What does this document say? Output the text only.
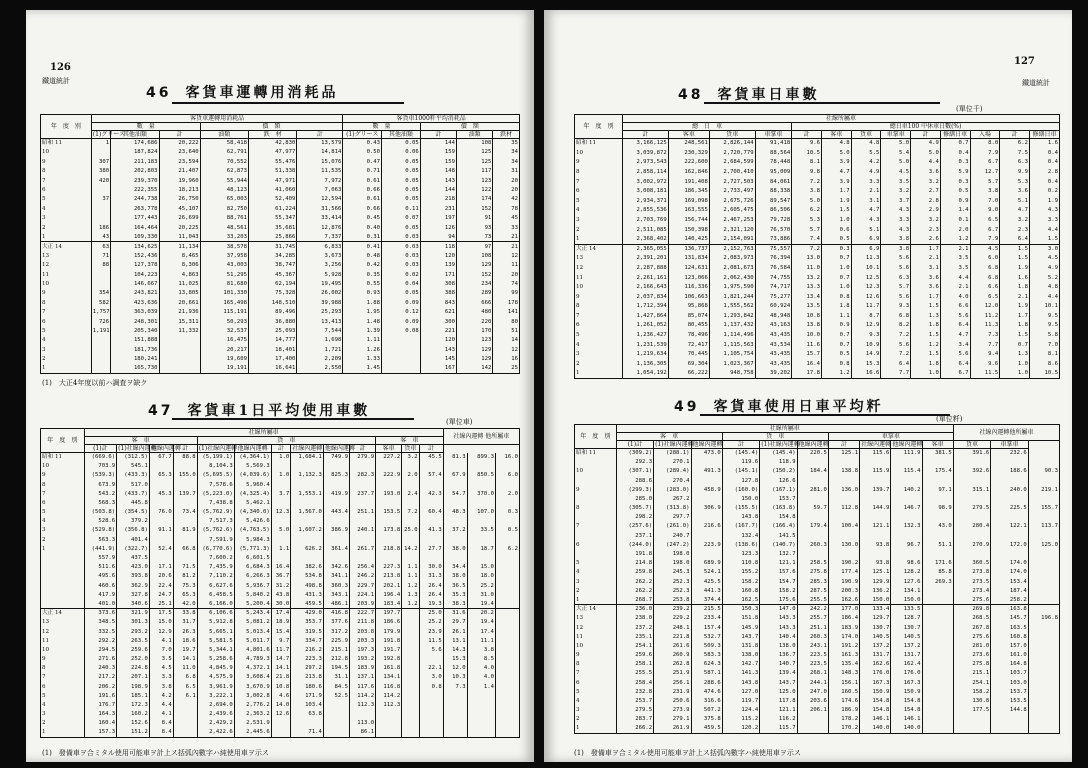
126
鐵道統計
46 客貨車運轉用消耗品
年　度　別	客貨車運轉用消耗品						客貨車1000粁平均消耗品				
	數　量			價　額			數　量		價　額		
	(1)グリース	其他油類	計	油類	鉄　材	計	(1)グリース	其他油類	計	油類	鉄材
昭和 11	1	174,686	20,222	58,418	42,830	13,579	0.43	0.05	144	108	35
10		187,824	23,640	62,791	47,977	14,814	0.50	0.06	159	125	34
9	307	211,183	23,594	70,552	55,476	15,076	0.47	0.05	159	125	34
8	380	202,803	21,407	62,873	51,338	11,535	0.71	0.05	148	117	31
7	420	239,370	19,960	55,944	47,971	7,972	0.61	0.05	143	123	20
6		222,355	18,213	48,123	41,060	7,063	0.66	0.05	144	122	20
5	37	244,738	26,750	65,003	52,409	12,594	0.61	0.05	218	174	42
4		263,778	45,107	82,750	61,224	31,566	0.66	0.11	231	152	78
3		177,443	26,699	88,761	55,347	33,414	0.45	0.07	197	91	45
2	186	164,464	20,225	48,561	35,681	12,876	0.40	0.05	126	93	33
1	43	109,330	11,043	33,203	25,866	7,337	0.31	0.03	94	73	21
大正 14	63	134,625	11,134	38,578	31,745	6,833	0.41	0.03	118	97	21
13	71	152,436	8,465	37,958	34,285	3,673	0.48	0.03	120	108	12
12	88	127,378	8,306	43,003	38,747	3,256	0.42	0.03	139	129	11
11		104,223	4,863	51,295	45,367	5,928	0.35	0.02	171	152	20
10		146,667	11,025	81,680	62,194	19,495	0.55	0.04	308	234	74
9	354	243,821	13,805	101,330	75,328	26,002	0.93	0.05	388	289	99
8	582	423,636	20,661	165,498	148,510	39,988	1.88	0.09	843	666	178
7	1,757	363,039	21,936	115,191	89,496	25,293	1.95	0.12	621	480	141
6	726	248,301	15,311	50,293	36,880	13,413	1.48	0.09	300	220	80
5	1,191	205,340	11,332	32,537	25,093	7,544	1.39	0.08	221	170	51
4		151,888		16,475	14,777	1,698	1.11		120	123	14
3		181,736		20,217	18,401	1,721	1.26		143	129	12
2		180,241		19,609	17,400	2,209	1.33		145	129	16
1		165,730		19,191	16,641	2,550	1.45		167	142	25
(1)　大正4年度以前ハ調査ヲ缺ク
47 客貨車1日平均使用車數
(單位車)
年　度　別	社線所屬車													社線內運轉 他所屬車		
	客　車				貨　車						客　車					
	(1)計	(1)社線內運轉	他線內運轉	計	(1)社線內運轉	他線內運轉	計	社線內運轉	他線內運轉	計	客車	貨車	計			
昭和 11	(669.6)	(312.5)	67.7	88.8	(5,199.1)	(4,364.1)	1.0	1,684.1	749.9	279.9	227.2	3.2	45.5	81.3	899.3	16.0
10	703.9	545.1			8,104.3	5,569.3										
9	(539.3)	(433.3)	65.3	155.0	(5,695.5)	(4,039.6)	1.0	1,132.3	825.3	282.3	222.9	2.0	57.4	67.9	850.5	6.0
8	673.9	517.0			7,578.6	5,960.4										
7	543.2	(433.7)	45.3	139.7	(5,223.0)	(4,325.4)	3.7	1,553.1	419.9	237.7	193.0	2.4	42.3	54.7	370.0	2.0
6	568.3	445.8			7,438.8	5,462.1										
5	(503.8)	(354.5)	76.0	73.4	(5,762.9)	(4,340.0)	12.3	1,567.0	443.4	251.1	153.5	7.2	60.4	48.3	107.0	0.3
4	528.6	379.2			7,517.3	5,426.6										
3	(529.8)	(356.8)	91.1	81.9	(5,762.6)	(4,763.5)	5.0	1,607.2	386.9	240.1	173.8	25.0	41.3	37.2	33.5	0.5
2	563.3	401.4			7,591.9	5,984.3										
1	(441.9)	(322.7)	52.4	66.8	(6,770.6)	(5,771.3)	1.1	626.2	361.4	261.7	218.8	14.2	27.7	38.0	18.7	6.2
	557.9	437.5			7,600.2	6,601.5										
	511.6	423.0	17.1	71.5	7,435.9	6,684.3	16.4	382.6	342.6	256.4	227.3	1.1	30.0	34.4	15.0	
	495.6	393.8	20.6	81.2	7,110.2	6,266.3	36.7	534.8	341.1	246.2	213.8	1.1	31.3	38.0	18.0	
	460.6	362.9	22.4	75.3	6,627.6	5,936.7	31.2	498.8	360.3	229.7	202.1	1.2	26.4	36.5	25.2	
	417.9	327.8	24.7	65.3	6,458.5	5,840.2	43.8	431.3	343.1	224.1	196.4	1.3	26.4	35.3	31.0	
	401.0	340.6	25.1	42.0	6,166.0	5,200.4	30.0	459.5	486.1	203.9	183.4	1.2	19.3	38.3	19.4	
大正 14	373.6	321.9	17.5	33.8	6,106.6	5,243.4	17.4	429.0	416.8	222.7	197.7		25.0	31.6	20.2	
13	348.5	301.3	15.0	31.7	5,912.8	5,081.2	18.9	353.7	377.6	211.8	186.6		25.2	29.7	19.4	
12	332.5	293.2	12.9	26.3	5,665.1	5,013.4	15.4	319.5	317.2	203.8	179.9		23.9	26.1	17.4	
11	292.2	263.5	4.1	18.6	5,581.5	5,011.7	9.7	334.7	225.9	203.3	191.8		11.5	13.1	11.1	
10	294.5	259.6	7.0	19.7	5,344.1	4,801.6	11.7	216.2	215.1	197.3	191.7		5.6	14.3	3.8	
9	271.6	252.0	3.5	14.1	5,258.6	4,789.3	14.7	223.3	212.8	193.2	192.8			15.3	8.5	
8	240.3	224.8	4.5	11.0	4,845.9	4,372.1	14.1	297.2	194.5	183.9	161.8		22.1	12.0	4.0	
7	217.2	207.1	3.3	6.8	4,575.9	3,608.4	21.8	213.8	31.1	137.1	134.1		3.0	10.3	4.0	
6	206.2	198.9	3.8	6.5	3,961.9	3,670.9	10.8	180.6	84.5	117.6	116.8		0.8	7.3	1.4	
5	191.6	185.1	4.2	6.1	3,222.1	3,002.8	4.6	171.9	52.5	114.2	114.2					
4	176.7	172.3	4.4		2,694.0	2,776.2	14.0	103.4		112.3	112.3					
3	164.3	160.2	4.1		2,439.6	2,363.2	12.6	63.8								
2	160.4	152.6	8.4		2,429.2	2,531.9				113.0						
1	157.3	151.2	8.4		2,422.6	2,445.6		71.4		86.1						
(1)　發備車ヲ合ミタル使用可能車ヲ計上ス括弧內數字ハ純使用車ヲ示ス
127
鐵道統計
48 客貨車日車數
(單位千)
年　度　別	社線所屬車												
	總　日　車				總日車100 中休車日數(%)								
	計	客車	貨車	車掌車	計	客車	貨車	車掌車	計	修繕日車	入場	計	修繕日車
昭和 11	3,166,125	248,561	2,826,144	91,418	9.6	4.8	4.8	5.0	4.9	0.7	8.0	6.2	1.6
10	3,039,872	230,329	2,720,779	88,564	10.5	5.0	5.5	5.4	5.0	0.4	7.9	7.5	0.4
9	2,973,543	222,600	2,684,599	78,448	8.1	3.9	4.2	5.0	4.4	0.3	6.7	6.3	0.4
8	2,858,114	162,846	2,700,410	95,009	9.8	4.7	4.9	4.5	3.6	5.9	12.7	9.9	2.8
7	3,002,972	191,408	2,727,503	84,061	7.2	3.9	3.3	3.5	3.2	0.3	5.7	5.3	0.4
6	3,008,181	186,345	2,733,497	88,338	3.8	1.7	2.1	3.2	2.7	0.5	3.8	3.6	0.2
5	2,934,371	169,098	2,675,726	89,547	5.0	1.9	3.1	3.7	2.8	0.9	7.0	5.1	1.9
4	2,855,536	163,555	2,605,475	86,506	6.2	1.5	4.7	4.3	2.9	1.4	9.0	4.7	4.3
3	2,703,769	156,744	2,467,253	79,728	5.3	1.0	4.3	3.3	3.2	0.1	6.5	3.2	3.3
2	2,511,085	150,398	2,321,120	76,570	5.7	0.6	5.1	4.3	2.3	2.0	6.7	2.3	4.4
1	2,368,402	140,425	2,154,091	73,886	7.4	0.5	6.9	3.8	2.6	1.2	7.9	6.4	1.5
大正 14	2,365,055	136,737	2,152,763	75,557	7.2	0.3	6.9	3.8	1.7	2.1	4.5	1.5	3.0
13	2,391,201	131,834	2,083,973	76,394	13.0	0.7	11.3	5.6	2.1	3.5	6.0	1.5	4.5
12	2,287,888	124,631	2,081,673	76,584	11.0	1.0	10.1	5.6	3.1	3.5	6.8	1.9	4.9
11	2,261,161	123,066	2,062,430	74,755	13.2	0.7	12.5	6.3	3.6	4.4	6.8	1.6	5.2
10	2,166,643	116,336	1,975,590	74,717	13.3	1.0	12.3	5.7	3.6	2.1	6.6	1.8	4.8
9	2,037,834	106,663	1,821,244	75,277	13.4	0.8	12.6	5.6	1.7	4.0	6.5	2.1	4.4
8	1,712,394	95,868	1,555,562	60,924	13.5	1.8	11.7	9.3	1.5	6.6	12.0	1.9	10.1
7	1,427,864	85,074	1,293,842	48,948	10.8	1.1	8.7	6.8	1.3	5.6	11.2	1.7	9.5
6	1,261,052	80,455	1,137,432	43,163	13.8	0.9	12.9	8.2	1.8	6.4	11.3	1.8	9.5
5	1,236,427	78,496	1,114,496	43,435	10.0	0.7	9.3	7.2	1.5	4.7	7.3	1.5	5.8
4	1,231,539	72,417	1,115,563	43,534	11.6	0.7	10.9	5.6	1.2	3.4	7.7	0.7	7.0
3	1,219,634	70,445	1,105,754	43,435	15.7	0.5	14.9	7.2	1.5	5.6	9.4	1.3	8.1
2	1,136,305	69,304	1,023,367	43,435	16.4	0.8	15.3	6.4	1.8	6.4	9.6	1.0	8.6
1	1,054,192	66,222	948,758	39,202	17.8	1.2	16.6	7.7	1.0	6.7	11.5	1.0	10.5
49 客貨車使用日車平均粁
(單位粁)
年　度　別	社線所屬車										社線內運轉他所屬車		
	客　車			貨　車			車掌車						
	(1)計	(1)社線內運轉	他線內運轉	計	(1)社線內運轉	他線內運轉	計	社線內運轉	他線內運轉	客車	貨車	車掌車	
昭和 11	(309.2)	(288.1)	473.0	(145.4)	(145.4)	220.5	125.1	115.6	111.9	381.5	391.6	232.6	
	292.3	270.1		119.6	118.9								
10	(307.1)	(289.4)	491.3	(145.1)	(150.2)	184.4	138.8	115.9	115.4	175.4	392.6	188.6	90.3
	288.6	270.4		127.8	126.6								
9	(299.3)	(283.0)	458.9	(160.0)	(167.1)	281.0	136.0	139.7	140.2	97.1	315.1	240.0	219.1
	285.0	267.2		150.0	153.7								
8	(305.7)	(313.8)	306.9	(155.5)	(163.8)	59.7	112.8	144.9	146.7	98.9	279.5	225.5	155.7
	298.2	297.7		143.8	154.8								
7	(257.6)	(261.0)	216.6	(167.7)	(166.4)	179.4	100.4	121.1	132.3	43.0	280.4	122.1	113.7
	237.1	240.7		132.4	141.5								
6	(244.0)	(247.2)	223.9	(138.6)	(140.7)	260.3	130.0	93.8	96.7	51.1	270.9	172.0	125.0
	191.8	198.0		123.3	132.7								
5	214.8	198.0	689.9	110.8	121.1	258.5	190.2	93.8	98.6	171.6	360.5	174.0	
4	259.8	245.3	524.1	155.2	157.6	275.8	177.4	125.1	128.2	85.8	273.8	174.0	
3	262.2	252.3	425.5	158.2	154.7	285.3	190.9	129.9	127.6	269.3	273.5	153.4	
2	262.2	252.3	441.3	160.8	158.2	287.5	200.3	136.2	134.1		273.4	187.4	
1	268.7	253.8	374.4	162.5	175.6	255.5	162.6	150.0	150.0		275.6	258.2	
大正 14	236.0	239.2	215.5	150.3	147.0	242.2	177.0	133.4	133.5		269.8	163.8	
13	238.0	229.2	233.4	151.8	143.3	255.7	186.4	129.7	128.7		268.5	145.7	196.8
12	237.2	248.1	157.4	145.9	143.3	251.1	183.9	130.7	130.7		267.8	163.5	
11	235.1	221.8	532.7	143.7	140.4	260.3	174.0	140.5	140.5		275.6	160.8	
10	254.1	261.6	509.3	131.8	138.0	243.1	191.2	137.2	137.2		281.0	157.0	
9	259.6	260.9	583.3	138.0	136.7	223.5	161.3	131.7	131.7		273.6	161.0	
8	258.1	262.8	624.3	142.7	140.7	223.5	135.4	162.6	162.4		275.8	164.8	
7	255.5	251.9	587.1	141.3	139.4	268.1	148.3	176.0	176.0		215.1	103.7	
6	258.4	256.1	288.6	143.8	143.7	244.1	156.1	167.3	167.3		254.1	103.0	
5	232.8	231.9	474.6	127.0	125.0	247.0	160.5	150.9	150.9		158.2	153.7	
4	253.7	250.6	316.6	119.7	117.8	203.6	174.6	154.8	154.8		130.8	153.5	
3	279.5	273.9	507.2	124.4	121.1	206.1	186.9	154.8	154.8		177.5	144.8	
2	283.7	279.1	375.8	115.2	116.2		178.2	146.1	146.1				
1	266.2	261.9	459.5	120.2	115.7		170.2	140.0	140.0				
(1)　發備車ヲ合ミタル使用可能車ヲ計上ス括弧內數字ハ純使用車ヲ示ス
